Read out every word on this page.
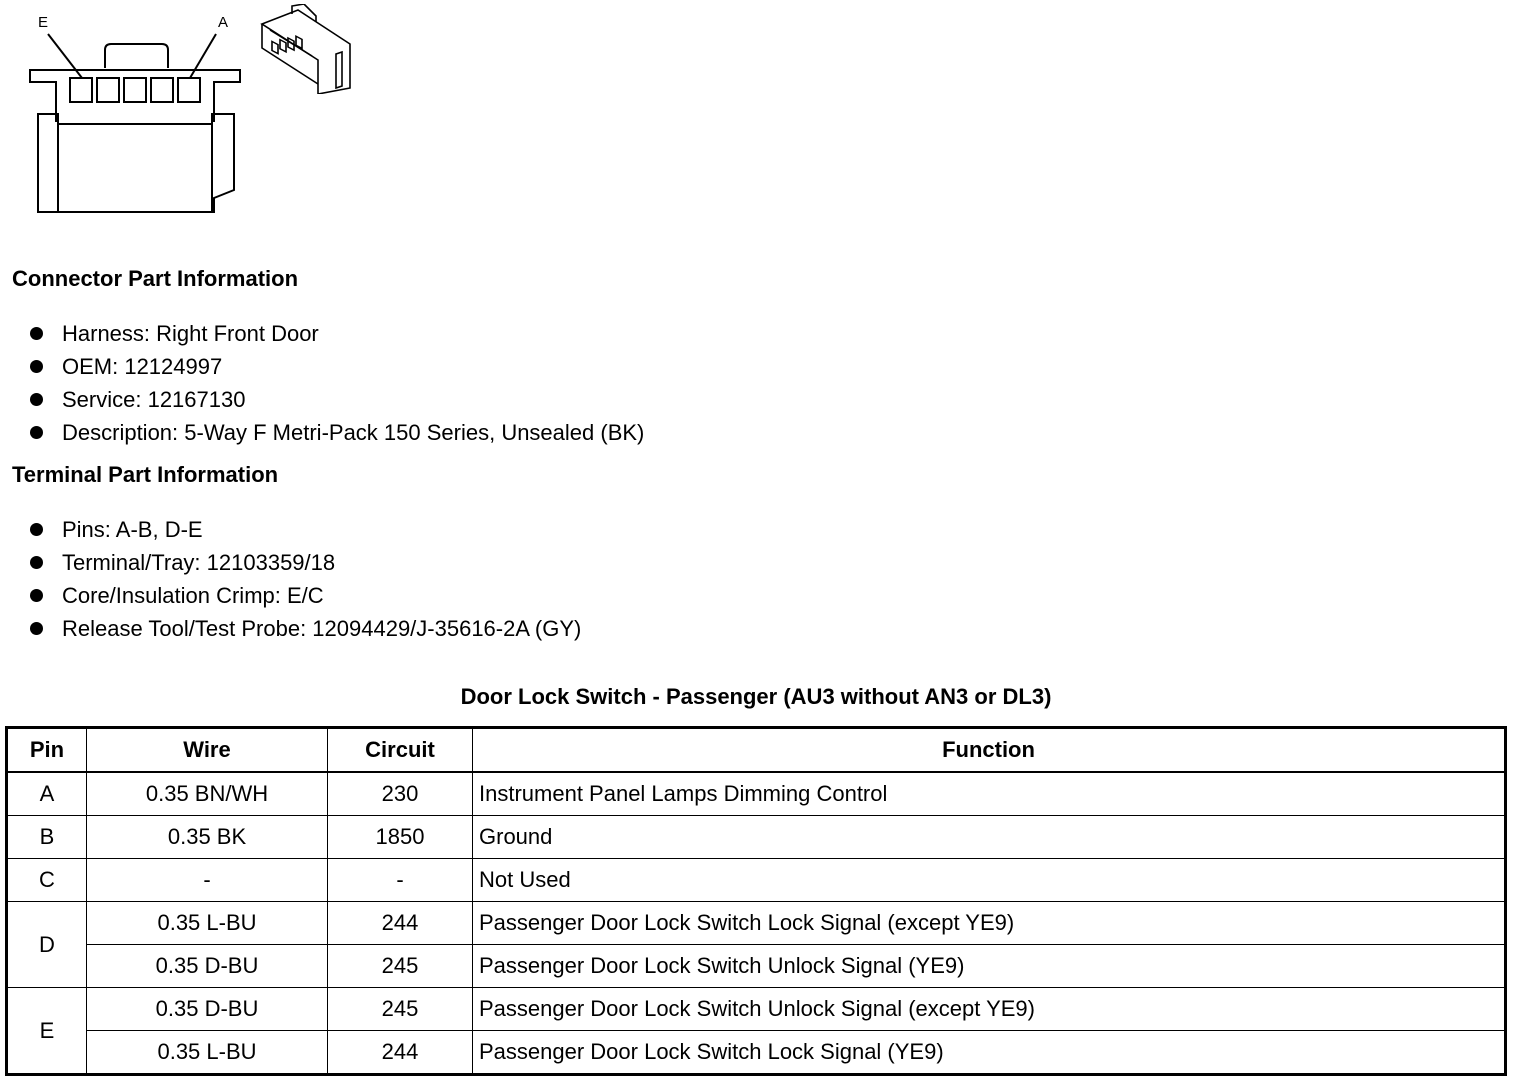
E	A
Connector Part Information
Harness: Right Front Door
OEM: 12124997
Service: 12167130
Description: 5-Way F Metri-Pack 150 Series, Unsealed (BK)
Terminal Part Information
Pins: A-B, D-E
Terminal/Tray: 12103359/18
Core/Insulation Crimp: E/C
Release Tool/Test Probe: 12094429/J-35616-2A (GY)
Door Lock Switch - Passenger (AU3 without AN3 or DL3)
Pin	Wire	Circuit	Function
A	0.35 BN/WH	230	Instrument Panel Lamps Dimming Control
B	0.35 BK	1850	Ground
C	-	-	Not Used
D	0.35 L-BU	244	Passenger Door Lock Switch Lock Signal (except YE9)
	0.35 D-BU	245	Passenger Door Lock Switch Unlock Signal (YE9)
E	0.35 D-BU	245	Passenger Door Lock Switch Unlock Signal (except YE9)
	0.35 L-BU	244	Passenger Door Lock Switch Lock Signal (YE9)
